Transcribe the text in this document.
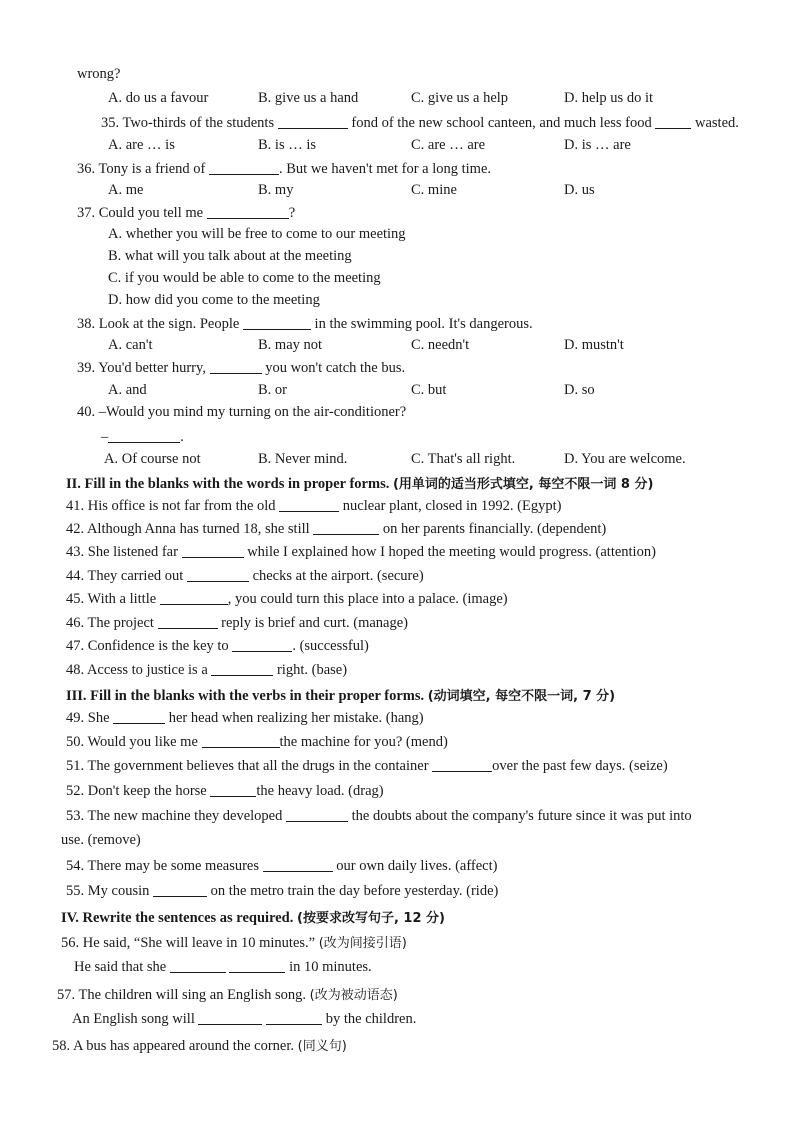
wrong?
A. do us a favour	B. give us a hand	C. give us a help	D. help us do it
35. Two-thirds of the students	fond of the new school canteen, and much less food	wasted.
A. are … is	B. is … is	C. are … are	D. is … are
36. Tony is a friend of	. But we haven't met for a long time.
A. me	B. my	C. mine	D. us
37. Could you tell me	?
A. whether you will be free to come to our meeting
B. what will you talk about at the meeting
C. if you would be able to come to the meeting
D. how did you come to the meeting
38. Look at the sign. People	in the swimming pool. It's dangerous.
A. can't	B. may not	C. needn't	D. mustn't
39. You'd better hurry,	you won't catch the bus.
A. and	B. or	C. but	D. so
40. –Would you mind my turning on the air-conditioner?
–	.
A. Of course not	B. Never mind.	C. That's all right.	D. You are welcome.
II. Fill in the blanks with the words in proper forms. (用单词的适当形式填空, 每空不限一词 8 分)
41. His office is not far from the old	nuclear plant, closed in 1992. (Egypt)
42. Although Anna has turned 18, she still	on her parents financially. (dependent)
43. She listened far	while I explained how I hoped the meeting would progress. (attention)
44. They carried out	checks at the airport. (secure)
45. With a little	, you could turn this place into a palace. (image)
46. The project	reply is brief and curt. (manage)
47. Confidence is the key to	. (successful)
48. Access to justice is a	right. (base)
III. Fill in the blanks with the verbs in their proper forms. (动词填空, 每空不限一词, 7 分)
49. She	her head when realizing her mistake. (hang)
50. Would you like me	the machine for you? (mend)
51. The government believes that all the drugs in the container	over the past few days. (seize)
52. Don't keep the horse	the heavy load. (drag)
53. The new machine they developed	the doubts about the company's future since it was put into
use. (remove)
54. There may be some measures	our own daily lives. (affect)
55. My cousin	on the metro train the day before yesterday. (ride)
IV. Rewrite the sentences as required. (按要求改写句子, 12 分)
56. He said, “She will leave in 10 minutes.” (改为间接引语)
He said that she	in 10 minutes.
57. The children will sing an English song. (改为被动语态)
An English song will	by the children.
58. A bus has appeared around the corner. (同义句)
